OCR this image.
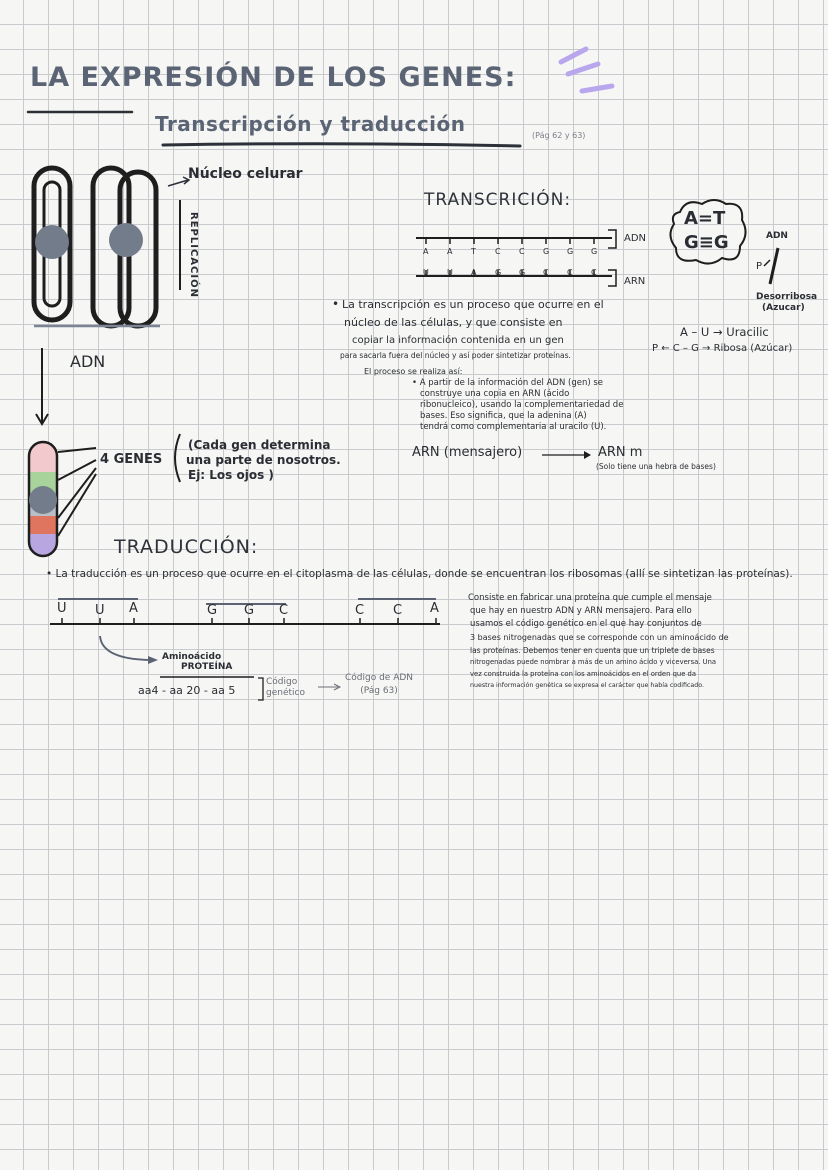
LA EXPRESIÓN DE LOS GENES:
Transcripción y traducción	(Pág 62 y 63)
Núcleo celurar
REPLICACIÓN
ADN
4 GENES
(Cada gen determina
una parte de nosotros.
Ej: Los ojos )
TRANSCRICIÓN:
A A T C C G G G
U U A G G C C C
ADN
ARN
A=T
G≡G	ADN
P
Desorribosa
(Azucar)
A – U → Uracilic
P ← C – G → Ribosa (Azúcar)
• La transcripción es un proceso que ocurre en el
núcleo de las células, y que consiste en
copiar la información contenida en un gen
para sacarla fuera del núcleo y así poder sintetizar proteínas.
El proceso se realiza así:
• A partir de la información del ADN (gen) se
construye una copia en ARN (ácido
ribonucleico), usando la complementariedad de
bases. Eso significa, que la adenina (A)
tendrá como complementaria al uracilo (U).
ARN (mensajero)	ARN m
(Solo tiene una hebra de bases)
TRADUCCIÓN:
• La traducción es un proceso que ocurre en el citoplasma de las células, donde se encuentran los ribosomas (allí se sintetizan las proteínas).
U U A	G G C	C C A
Aminoácido
PROTEÍNA
aa4 - aa 20 - aa 5
Código
genético
Código de ADN
(Pág 63)
Consiste en fabricar una proteína que cumple el mensaje
que hay en nuestro ADN y ARN mensajero. Para ello
usamos el código genético en el que hay conjuntos de
3 bases nitrogenadas que se corresponde con un aminoácido de
las proteínas. Debemos tener en cuenta que un triplete de bases
nitrogenadas puede nombrar a más de un amino ácido y viceversa. Una
vez construida la proteína con los aminoácidos en el orden que da
nuestra información genética se expresa el carácter que había codificado.
